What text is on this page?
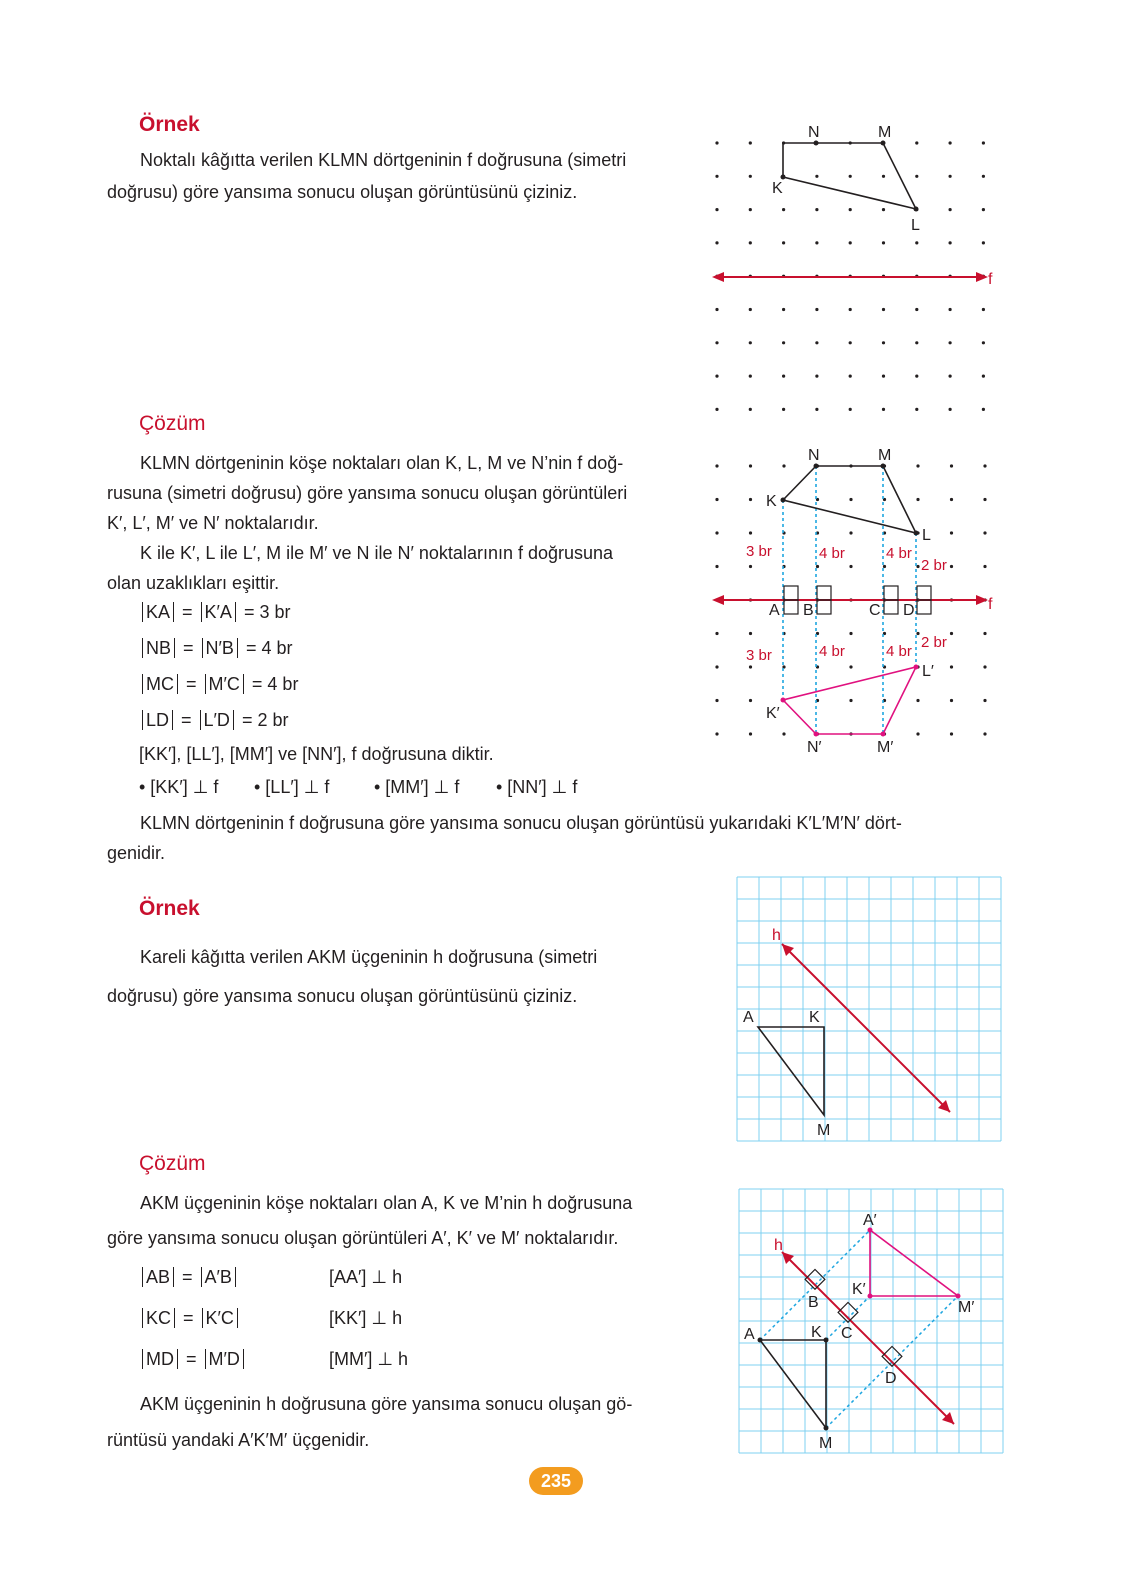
Örnek
Noktalı kâğıtta verilen KLMN dörtgeninin f doğrusuna (simetri
doğrusu) göre yansıma sonucu oluşan görüntüsünü çiziniz.
N	M
K
L
f
Çözüm
KLMN dörtgeninin köşe noktaları olan K, L, M ve N’nin f doğ-
rusuna (simetri doğrusu) göre yansıma sonucu oluşan görüntüleri
K′, L′, M′ ve N′ noktalarıdır.
K ile K′, L ile L′, M ile M′ ve N ile N′ noktalarının f doğrusuna
olan uzaklıkları eşittir.
KA = K′A = 3 br
NB = N′B = 4 br
MC = M′C = 4 br
LD = L′D = 2 br
[KK′], [LL′], [MM′] ve [NN′], f doğrusuna diktir.
• [KK′] ⊥ f • [LL′] ⊥ f • [MM′] ⊥ f • [NN′] ⊥ f
KLMN dörtgeninin f doğrusuna göre yansıma sonucu oluşan görüntüsü yukarıdaki K′L′M′N′ dört-
genidir.
N	M
K
L
A B	C D
K′
L′
N′	M′
f
3 br	4 br	4 br
2 br
3 br	4 br	4 br
2 br
Örnek
Kareli kâğıtta verilen AKM üçgeninin h doğrusuna (simetri
doğrusu) göre yansıma sonucu oluşan görüntüsünü çiziniz.
h
A	K
M
Çözüm
AKM üçgeninin köşe noktaları olan A, K ve M’nin h doğrusuna
göre yansıma sonucu oluşan görüntüleri A′, K′ ve M′ noktalarıdır.
AB = A′B	[AA′] ⊥ h
KC = K′C	[KK′] ⊥ h
MD = M′D	[MM′] ⊥ h
AKM üçgeninin h doğrusuna göre yansıma sonucu oluşan gö-
rüntüsü yandaki A′K′M′ üçgenidir.
h
A	K
M
A′
K′
M′
B
C
D
235
